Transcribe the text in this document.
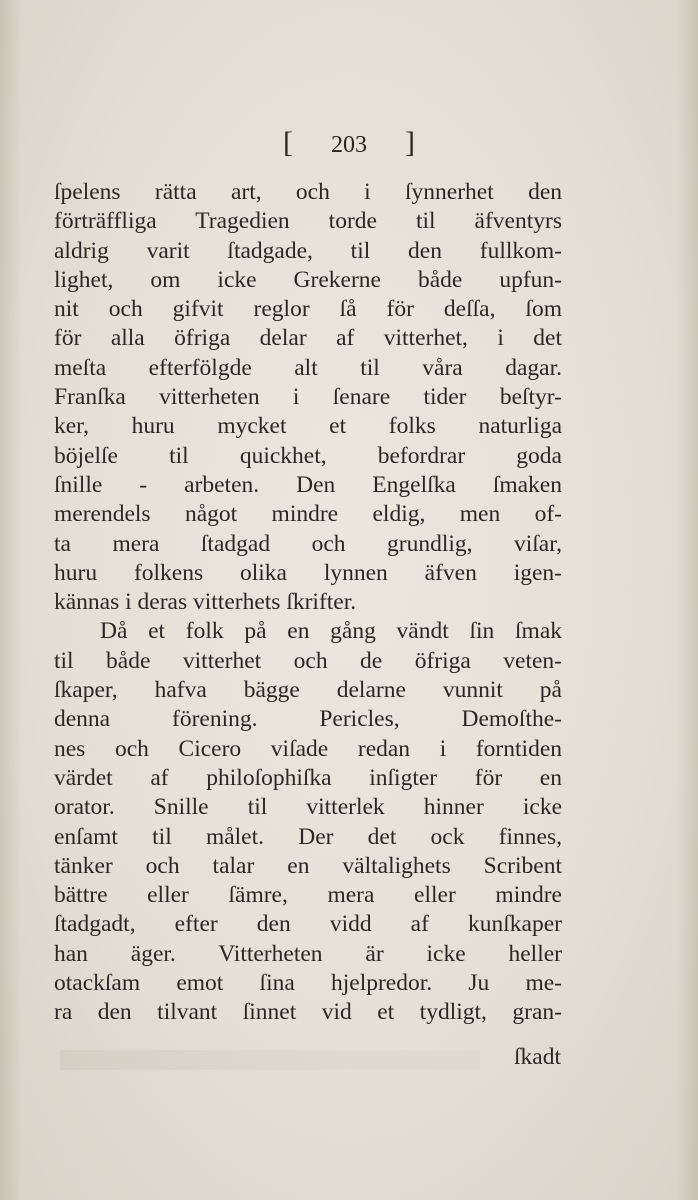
[ 203 ]
ſpelens rätta art, och i ſynnerhet den
förträffliga Tragedien torde til äfventyrs
aldrig varit ſtadgade, til den fullkom-
lighet, om icke Grekerne både upfun-
nit och gifvit reglor ſå för deſſa, ſom
för alla öfriga delar af vitterhet, i det
meſta efterfölgde alt til våra dagar.
Franſka vitterheten i ſenare tider beſtyr-
ker, huru mycket et folks naturliga
böjelſe til quickhet, befordrar goda
ſnille - arbeten. Den Engelſka ſmaken
merendels något mindre eldig, men of-
ta mera ſtadgad och grundlig, viſar,
huru folkens olika lynnen äfven igen-
kännas i deras vitterhets ſkrifter.
Då et folk på en gång vändt ſin ſmak
til både vitterhet och de öfriga veten-
ſkaper, hafva bägge delarne vunnit på
denna förening. Pericles, Demoſthe-
nes och Cicero viſade redan i forntiden
värdet af philoſophiſka inſigter för en
orator. Snille til vitterlek hinner icke
enſamt til målet. Der det ock finnes,
tänker och talar en vältalighets Scribent
bättre eller ſämre, mera eller mindre
ſtadgadt, efter den vidd af kunſkaper
han äger. Vitterheten är icke heller
otackſam emot ſina hjelpredor. Ju me-
ra den tilvant ſinnet vid et tydligt, gran-
ſkadt
